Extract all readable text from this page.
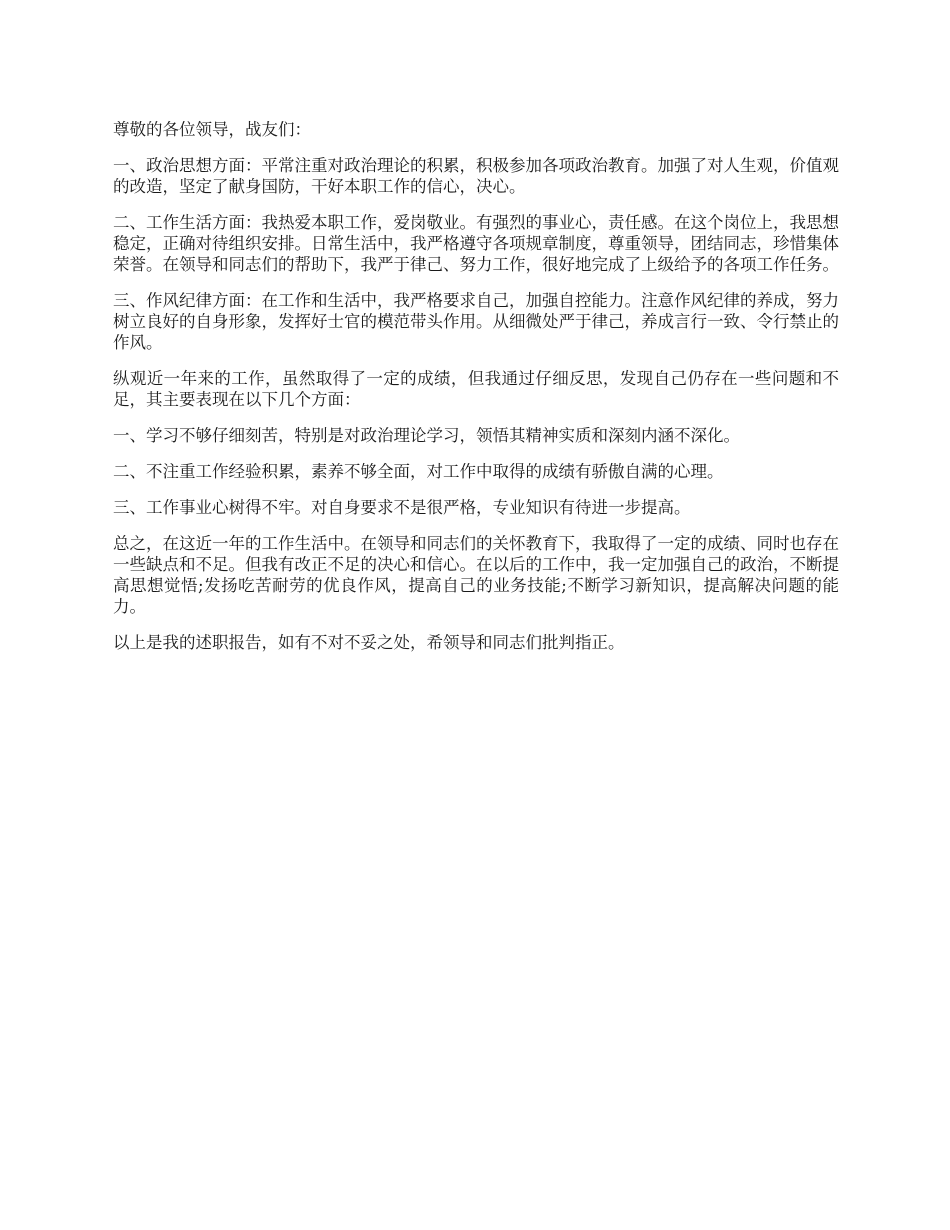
尊敬的各位领导，战友们：

一、政治思想方面：平常注重对政治理论的积累，积极参加各项政治教育。加强了对人生观，价值观的改造，坚定了献身国防，干好本职工作的信心，决心。

二、工作生活方面：我热爱本职工作，爱岗敬业。有强烈的事业心，责任感。在这个岗位上，我思想稳定，正确对待组织安排。日常生活中，我严格遵守各项规章制度，尊重领导，团结同志，珍惜集体荣誉。在领导和同志们的帮助下，我严于律己、努力工作，很好地完成了上级给予的各项工作任务。

三、作风纪律方面：在工作和生活中，我严格要求自己，加强自控能力。注意作风纪律的养成，努力树立良好的自身形象，发挥好士官的模范带头作用。从细微处严于律己，养成言行一致、令行禁止的作风。

纵观近一年来的工作，虽然取得了一定的成绩，但我通过仔细反思，发现自己仍存在一些问题和不足，其主要表现在以下几个方面：

一、学习不够仔细刻苦，特别是对政治理论学习，领悟其精神实质和深刻内涵不深化。

二、不注重工作经验积累，素养不够全面，对工作中取得的成绩有骄傲自满的心理。

三、工作事业心树得不牢。对自身要求不是很严格，专业知识有待进一步提高。

总之，在这近一年的工作生活中。在领导和同志们的关怀教育下，我取得了一定的成绩、同时也存在一些缺点和不足。但我有改正不足的决心和信心。在以后的工作中，我一定加强自己的政治，不断提高思想觉悟;发扬吃苦耐劳的优良作风，提高自己的业务技能;不断学习新知识，提高解决问题的能力。

以上是我的述职报告，如有不对不妥之处，希领导和同志们批判指正。
